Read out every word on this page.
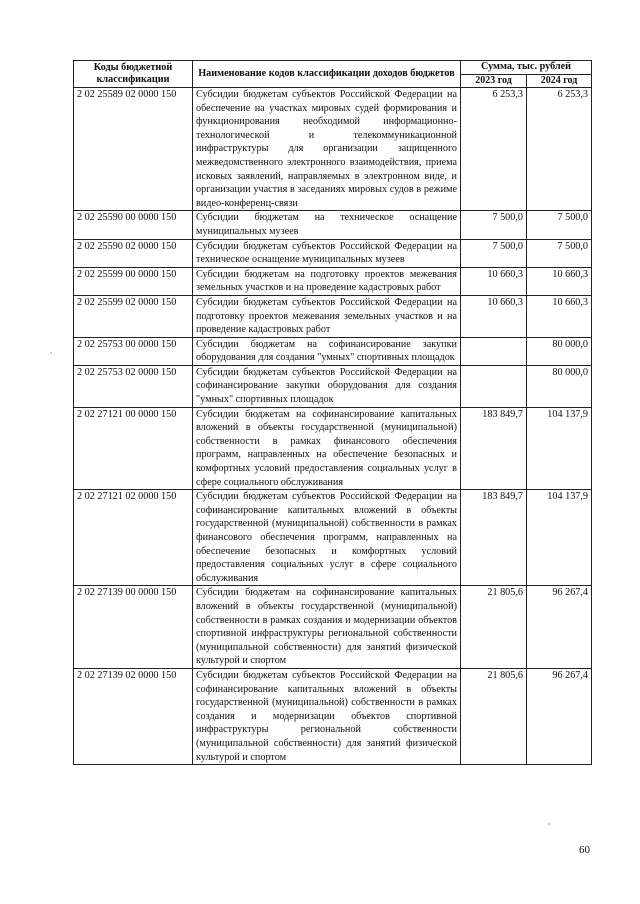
Коды бюджетной классификации	Наименование кодов классификации доходов бюджетов	Сумма, тыс. рублей	
		2023 год	2024 год
2 02 25589 02 0000 150	Субсидии бюджетам субъектов Российской Федерации на обеспечение на участках мировых судей формирования и функционирования необходимой информационно-технологической и телекоммуникационной инфраструктуры для организации защищенного межведомственного электронного взаимодействия, приема исковых заявлений, направляемых в электронном виде, и организации участия в заседаниях мировых судов в режиме видео-конференц-связи	6 253,3	6 253,3
2 02 25590 00 0000 150	Субсидии бюджетам на техническое оснащение муниципальных музеев	7 500,0	7 500,0
2 02 25590 02 0000 150	Субсидии бюджетам субъектов Российской Федерации на техническое оснащение муниципальных музеев	7 500,0	7 500,0
2 02 25599 00 0000 150	Субсидии бюджетам на подготовку проектов межевания земельных участков и на проведение кадастровых работ	10 660,3	10 660,3
2 02 25599 02 0000 150	Субсидии бюджетам субъектов Российской Федерации на подготовку проектов межевания земельных участков и на проведение кадастровых работ	10 660,3	10 660,3
2 02 25753 00 0000 150	Субсидии бюджетам на софинансирование закупки оборудования для создания "умных" спортивных площадок		80 000,0
2 02 25753 02 0000 150	Субсидии бюджетам субъектов Российской Федерации на софинансирование закупки оборудования для создания "умных" спортивных площадок		80 000,0
2 02 27121 00 0000 150	Субсидии бюджетам на софинансирование капитальных вложений в объекты государственной (муниципальной) собственности в рамках финансового обеспечения программ, направленных на обеспечение безопасных и комфортных условий предоставления социальных услуг в сфере социального обслуживания	183 849,7	104 137,9
2 02 27121 02 0000 150	Субсидии бюджетам субъектов Российской Федерации на софинансирование капитальных вложений в объекты государственной (муниципальной) собственности в рамках финансового обеспечения программ, направленных на обеспечение безопасных и комфортных условий предоставления социальных услуг в сфере социального обслуживания	183 849,7	104 137,9
2 02 27139 00 0000 150	Субсидии бюджетам на софинансирование капитальных вложений в объекты государственной (муниципальной) собственности в рамках создания и модернизации объектов спортивной инфраструктуры региональной собственности (муниципальной собственности) для занятий физической культурой и спортом	21 805,6	96 267,4
2 02 27139 02 0000 150	Субсидии бюджетам субъектов Российской Федерации на софинансирование капитальных вложений в объекты государственной (муниципальной) собственности в рамках создания и модернизации объектов спортивной инфраструктуры региональной собственности (муниципальной собственности) для занятий физической культурой и спортом	21 805,6	96 267,4
60
